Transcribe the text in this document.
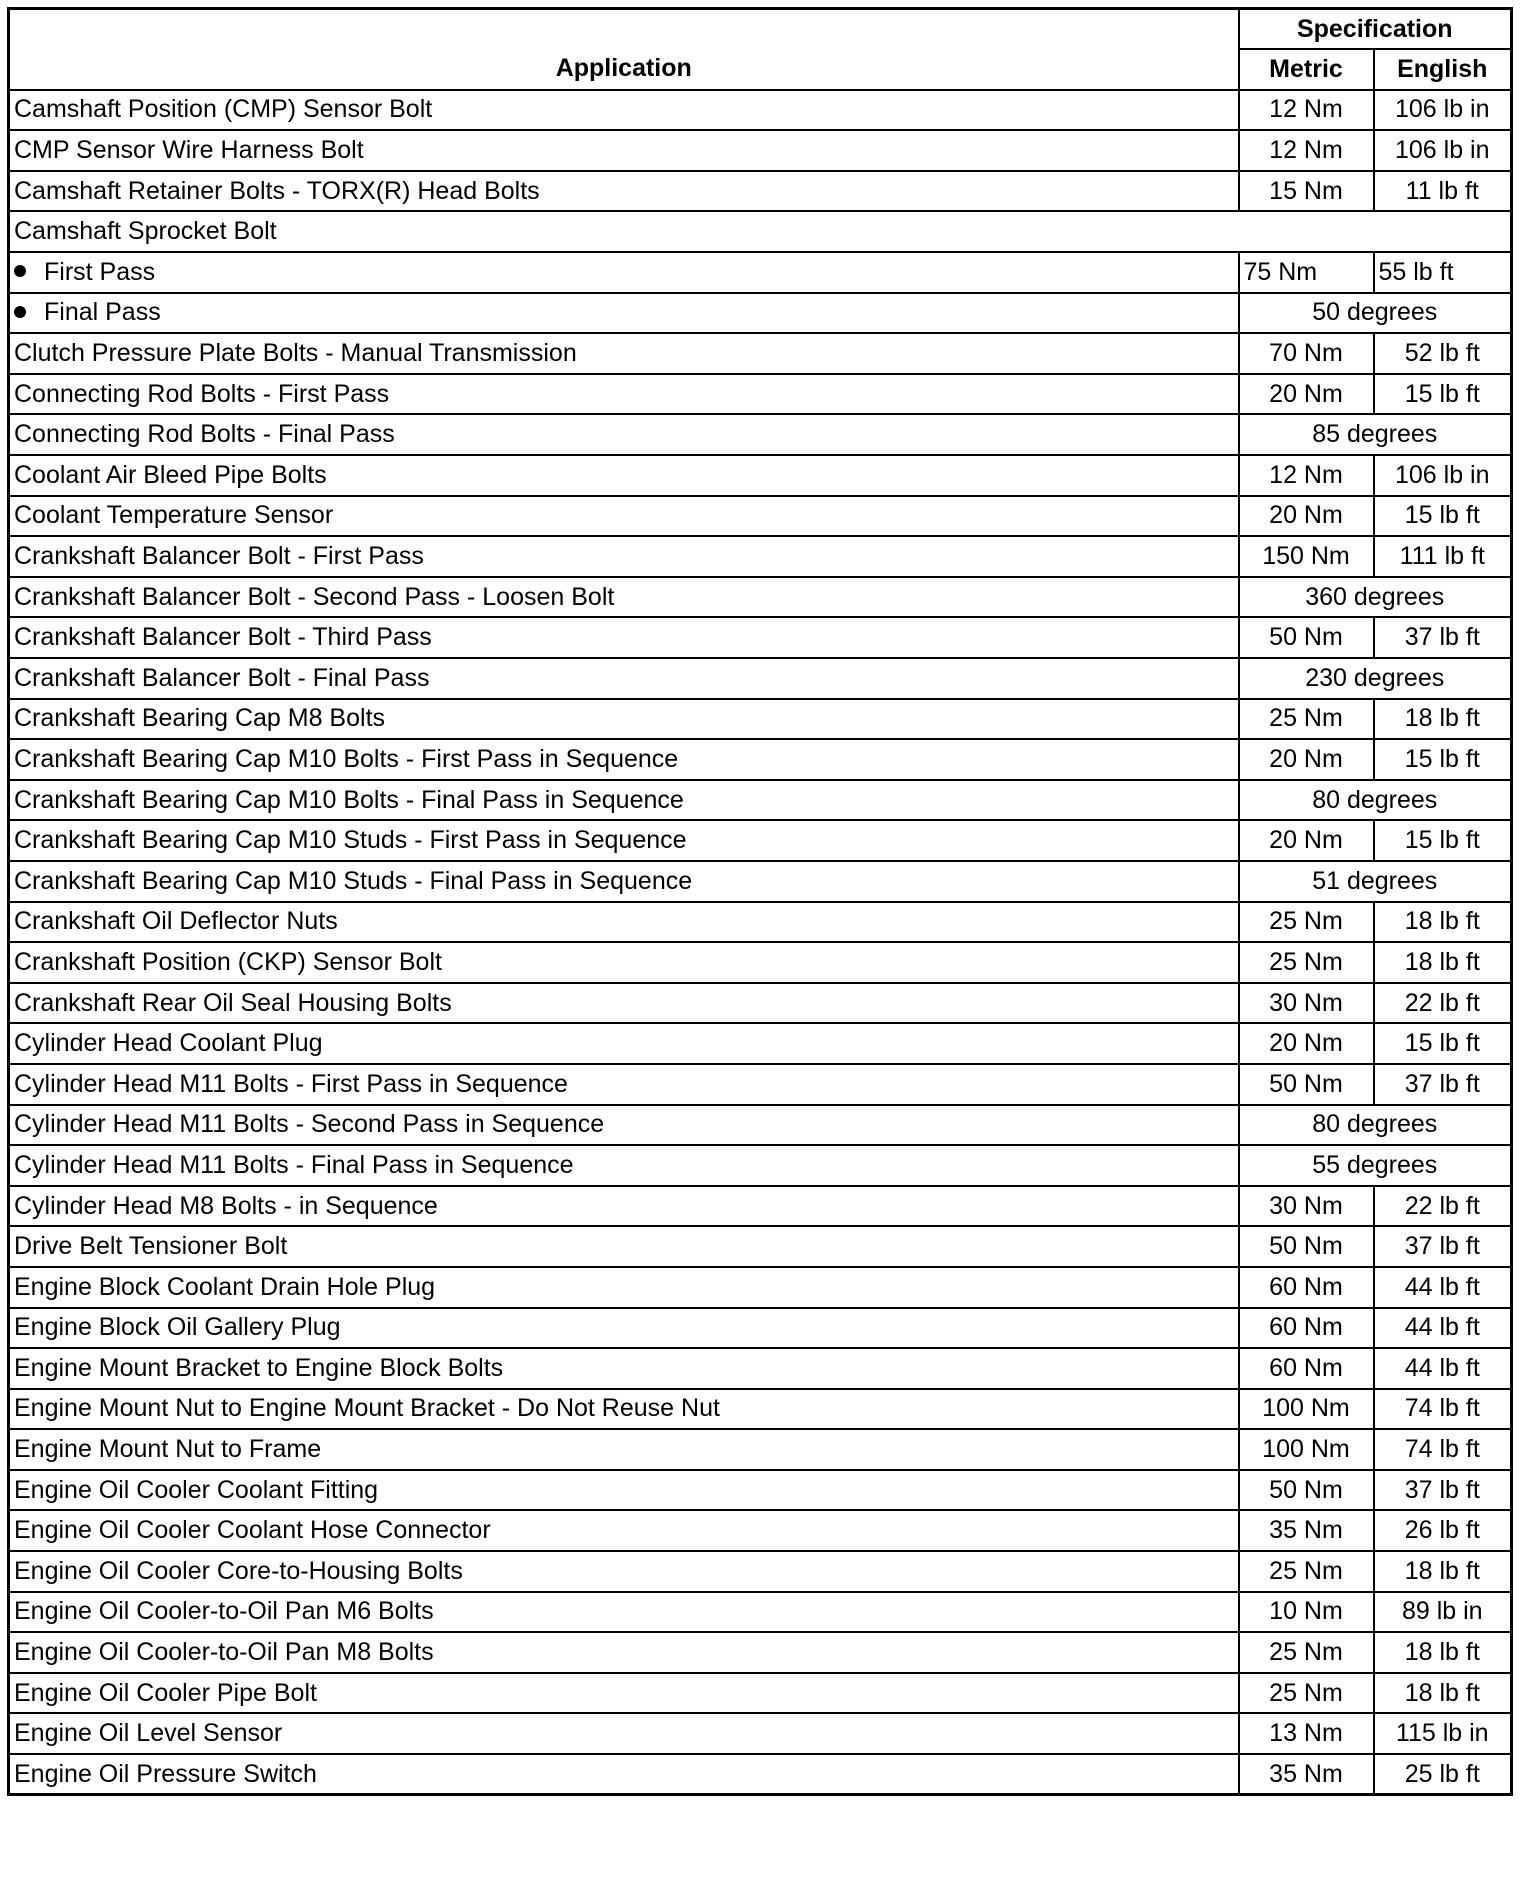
Application	Specification	
	Metric	English
Camshaft Position (CMP) Sensor Bolt	12 Nm	106 lb in
CMP Sensor Wire Harness Bolt	12 Nm	106 lb in
Camshaft Retainer Bolts - TORX(R) Head Bolts	15 Nm	11 lb ft
Camshaft Sprocket Bolt		
First Pass	75 Nm	55 lb ft
Final Pass	50 degrees	
Clutch Pressure Plate Bolts - Manual Transmission	70 Nm	52 lb ft
Connecting Rod Bolts - First Pass	20 Nm	15 lb ft
Connecting Rod Bolts - Final Pass	85 degrees	
Coolant Air Bleed Pipe Bolts	12 Nm	106 lb in
Coolant Temperature Sensor	20 Nm	15 lb ft
Crankshaft Balancer Bolt - First Pass	150 Nm	111 lb ft
Crankshaft Balancer Bolt - Second Pass - Loosen Bolt	360 degrees	
Crankshaft Balancer Bolt - Third Pass	50 Nm	37 lb ft
Crankshaft Balancer Bolt - Final Pass	230 degrees	
Crankshaft Bearing Cap M8 Bolts	25 Nm	18 lb ft
Crankshaft Bearing Cap M10 Bolts - First Pass in Sequence	20 Nm	15 lb ft
Crankshaft Bearing Cap M10 Bolts - Final Pass in Sequence	80 degrees	
Crankshaft Bearing Cap M10 Studs - First Pass in Sequence	20 Nm	15 lb ft
Crankshaft Bearing Cap M10 Studs - Final Pass in Sequence	51 degrees	
Crankshaft Oil Deflector Nuts	25 Nm	18 lb ft
Crankshaft Position (CKP) Sensor Bolt	25 Nm	18 lb ft
Crankshaft Rear Oil Seal Housing Bolts	30 Nm	22 lb ft
Cylinder Head Coolant Plug	20 Nm	15 lb ft
Cylinder Head M11 Bolts - First Pass in Sequence	50 Nm	37 lb ft
Cylinder Head M11 Bolts - Second Pass in Sequence	80 degrees	
Cylinder Head M11 Bolts - Final Pass in Sequence	55 degrees	
Cylinder Head M8 Bolts - in Sequence	30 Nm	22 lb ft
Drive Belt Tensioner Bolt	50 Nm	37 lb ft
Engine Block Coolant Drain Hole Plug	60 Nm	44 lb ft
Engine Block Oil Gallery Plug	60 Nm	44 lb ft
Engine Mount Bracket to Engine Block Bolts	60 Nm	44 lb ft
Engine Mount Nut to Engine Mount Bracket - Do Not Reuse Nut	100 Nm	74 lb ft
Engine Mount Nut to Frame	100 Nm	74 lb ft
Engine Oil Cooler Coolant Fitting	50 Nm	37 lb ft
Engine Oil Cooler Coolant Hose Connector	35 Nm	26 lb ft
Engine Oil Cooler Core-to-Housing Bolts	25 Nm	18 lb ft
Engine Oil Cooler-to-Oil Pan M6 Bolts	10 Nm	89 lb in
Engine Oil Cooler-to-Oil Pan M8 Bolts	25 Nm	18 lb ft
Engine Oil Cooler Pipe Bolt	25 Nm	18 lb ft
Engine Oil Level Sensor	13 Nm	115 lb in
Engine Oil Pressure Switch	35 Nm	25 lb ft
